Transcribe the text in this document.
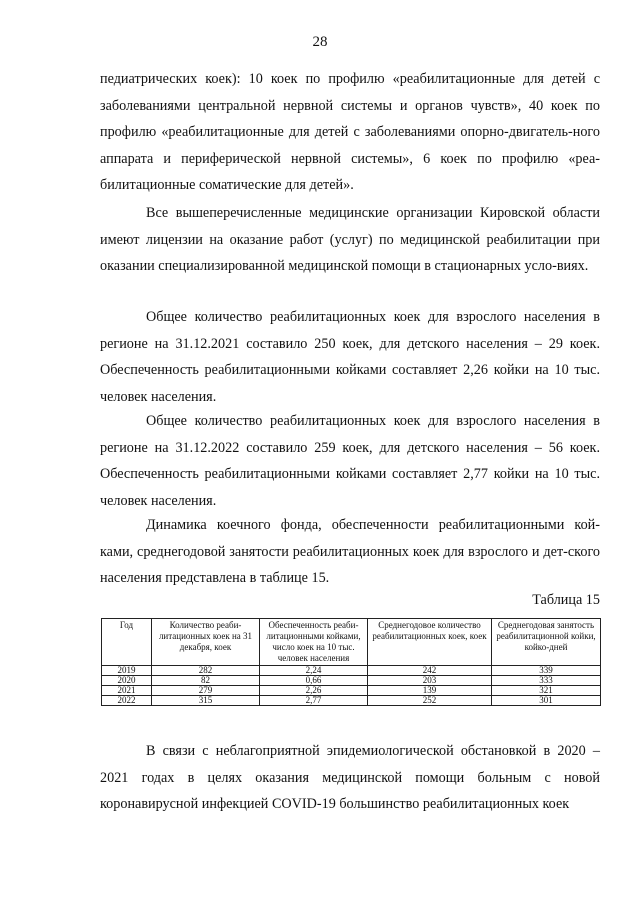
28

педиатрических коек): 10 коек по профилю «реабилитационные для детей с заболеваниями центральной нервной системы и органов чувств», 40 коек по профилю «реабилитационные для детей с заболеваниями опорно-двигатель-ного аппарата и периферической нервной системы», 6 коек по профилю «реа-билитационные соматические для детей».

Все вышеперечисленные медицинские организации Кировской области имеют лицензии на оказание работ (услуг) по медицинской реабилитации при оказании специализированной медицинской помощи в стационарных усло-виях.

Общее количество реабилитационных коек для взрослого населения в регионе на 31.12.2021 составило 250 коек, для детского населения – 29 коек. Обеспеченность реабилитационными койками составляет 2,26 койки на 10 тыс. человек населения.

Общее количество реабилитационных коек для взрослого населения в регионе на 31.12.2022 составило 259 коек, для детского населения – 56 коек. Обеспеченность реабилитационными койками составляет 2,77 койки на 10 тыс. человек населения.

Динамика коечного фонда, обеспеченности реабилитационными кой-ками, среднегодовой занятости реабилитационных коек для взрослого и дет-ского населения представлена в таблице 15.

Таблица 15
Год	Количество реаби-литационных коек на 31 декабря, коек	Обеспеченность реаби-литационными койками, число коек на 10 тыс. человек населения	Среднегодовое количество реабилитационных коек, коек	Среднегодовая занятость реабилитационной койки, койко-дней
2019	282	2,24	242	339
2020	82	0,66	203	333
2021	279	2,26	139	321
2022	315	2,77	252	301

В связи с неблагоприятной эпидемиологической обстановкой в 2020 – 2021 годах в целях оказания медицинской помощи больным с новой коронавирусной инфекцией COVID-19 большинство реабилитационных коек
